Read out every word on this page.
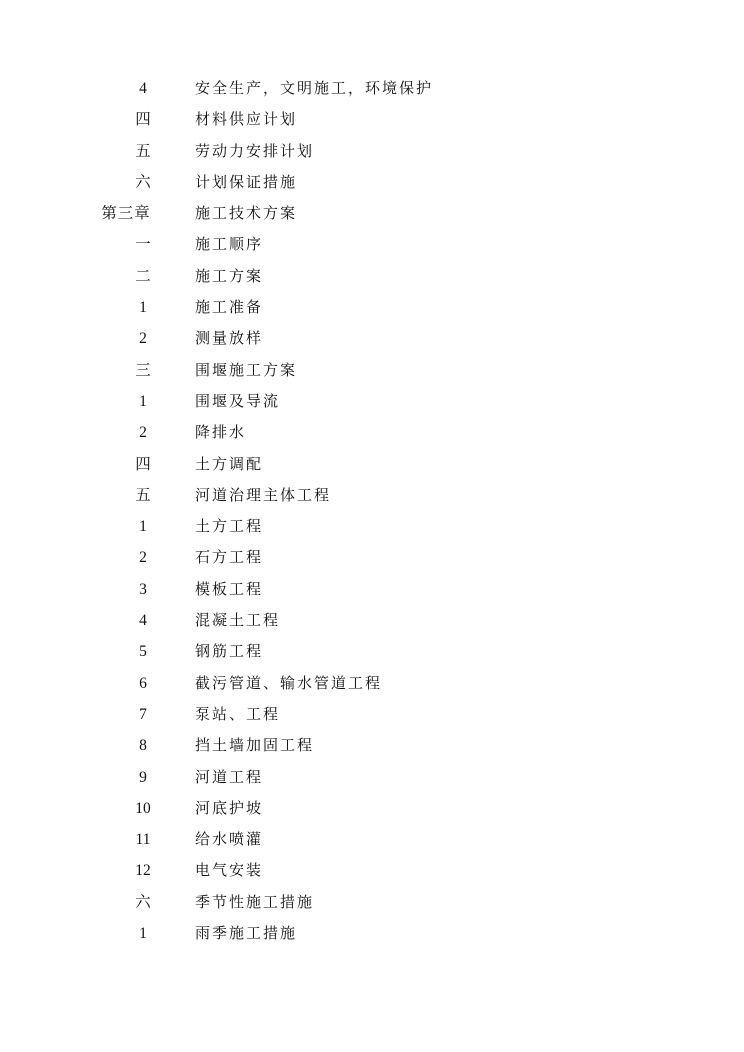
4	安全生产，文明施工，环境保护
四	材料供应计划
五	劳动力安排计划
六	计划保证措施
第三章	施工技术方案
一	施工顺序
二	施工方案
1	施工准备
2	测量放样
三	围堰施工方案
1	围堰及导流
2	降排水
四	土方调配
五	河道治理主体工程
1	土方工程
2	石方工程
3	模板工程
4	混凝土工程
5	钢筋工程
6	截污管道、输水管道工程
7	泵站、工程
8	挡土墙加固工程
9	河道工程
10	河底护坡
11	给水喷灌
12	电气安装
六	季节性施工措施
1	雨季施工措施
